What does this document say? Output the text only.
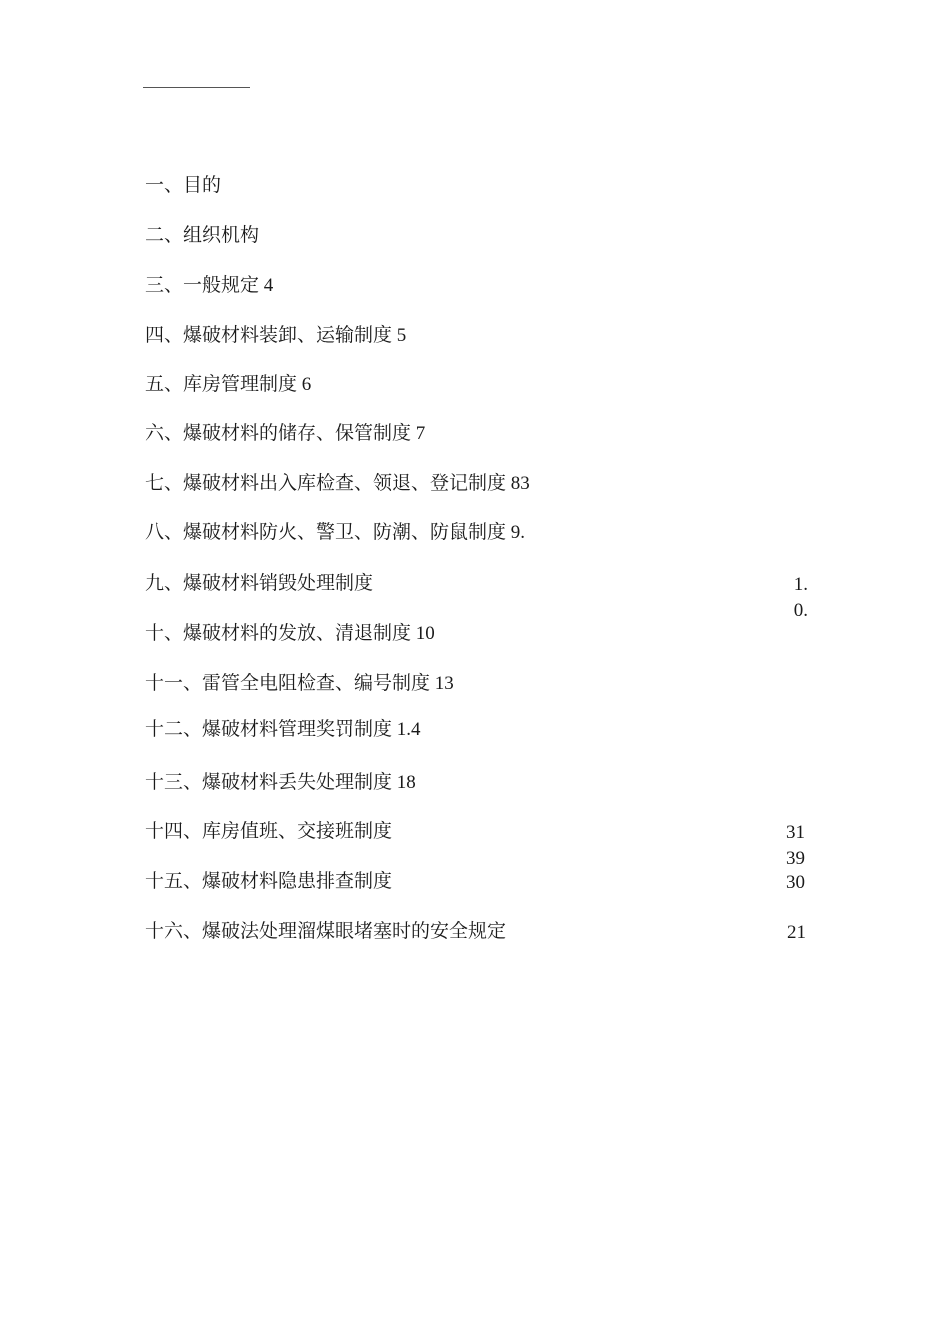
一、目的
二、组织机构
三、一般规定 4
四、爆破材料装卸、运输制度 5
五、库房管理制度 6
六、爆破材料的储存、保管制度 7
七、爆破材料出入库检查、领退、登记制度 83
八、爆破材料防火、警卫、防潮、防鼠制度 9.
九、爆破材料销毁处理制度
十、爆破材料的发放、清退制度 10
十一、雷管全电阻检查、编号制度 13
十二、爆破材料管理奖罚制度 1.4
十三、爆破材料丢失处理制度 18
十四、库房值班、交接班制度
十五、爆破材料隐患排查制度
十六、爆破法处理溜煤眼堵塞时的安全规定
1.
0.
31
39
30
21
